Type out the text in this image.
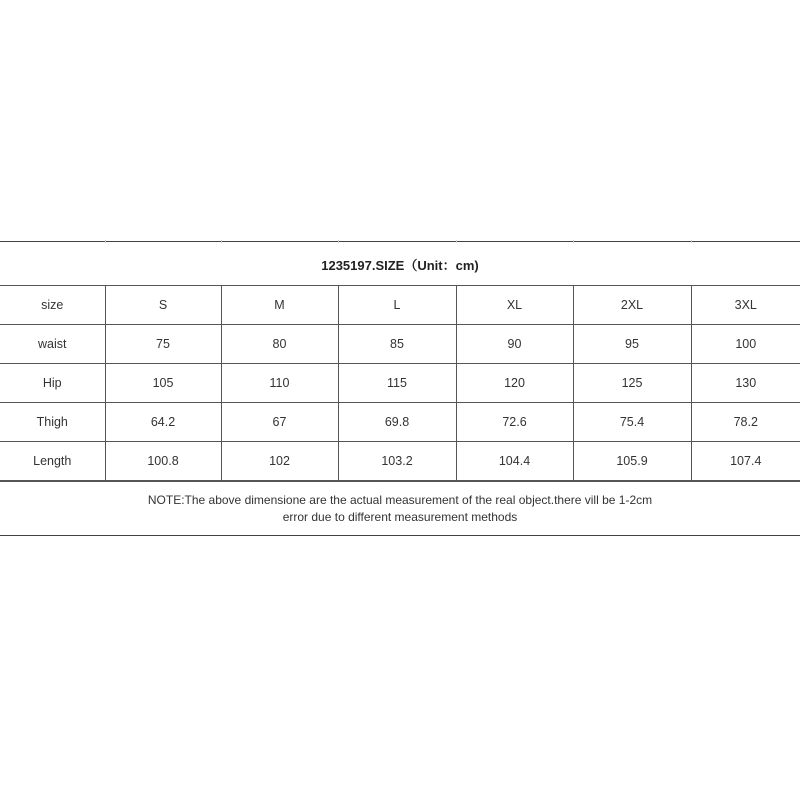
1235197.SIZE（Unit：cm)
size	S	M	L	XL	2XL	3XL
waist	75	80	85	90	95	100
Hip	105	110	115	120	125	130
Thigh	64.2	67	69.8	72.6	75.4	78.2
Length	100.8	102	103.2	104.4	105.9	107.4
NOTE:The above dimensione are the actual measurement of the real object.there vill be 1-2cm
error due to different measurement methods
